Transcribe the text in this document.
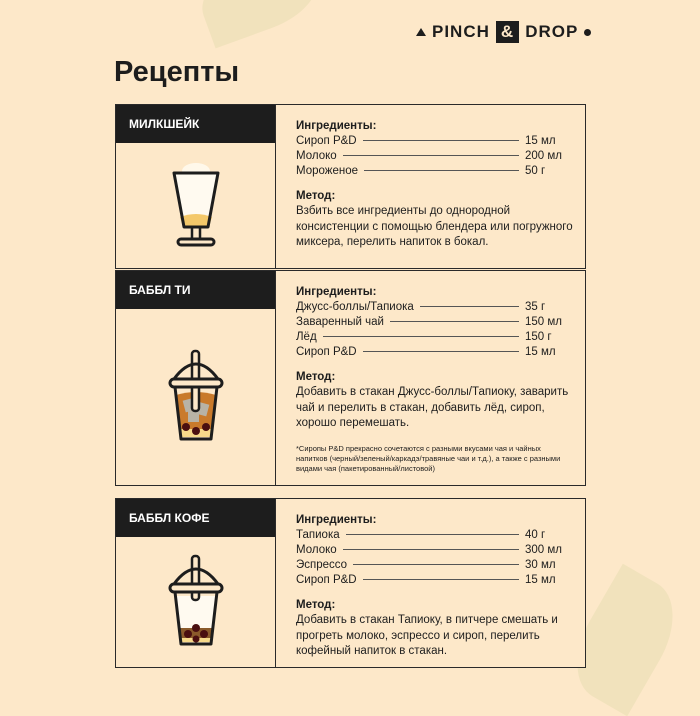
PINCH & DROP
Рецепты
МИЛКШЕЙК	Ингредиенты:
Сироп P&D	15 мл
Молоко	200 мл
Мороженое	50 г
Метод:
Взбить все ингредиенты до однородной консистенции с помощью блендера или погружного миксера, перелить напиток в бокал.
БАББЛ ТИ	Ингредиенты:
Джусс-боллы/Тапиока	35 г
Заваренный чай	150 мл
Лёд	150 г
Сироп P&D	15 мл
Метод:
Добавить в стакан Джусс-боллы/Тапиоку, заварить чай и перелить в стакан, добавить лёд, сироп, хорошо перемешать.
*Сиропы P&D прекрасно сочетаются с разными вкусами чая и чайных напитков (черный/зеленый/каркадэ/травяные чаи и т.д.), а также с разными видами чая (пакетированный/листовой)
БАББЛ КОФЕ	Ингредиенты:
Тапиока	40 г
Молоко	300 мл
Эспрессо	30 мл
Сироп P&D	15 мл
Метод:
Добавить в стакан Тапиоку, в питчере смешать и прогреть молоко, эспрессо и сироп, перелить кофейный напиток в стакан.
